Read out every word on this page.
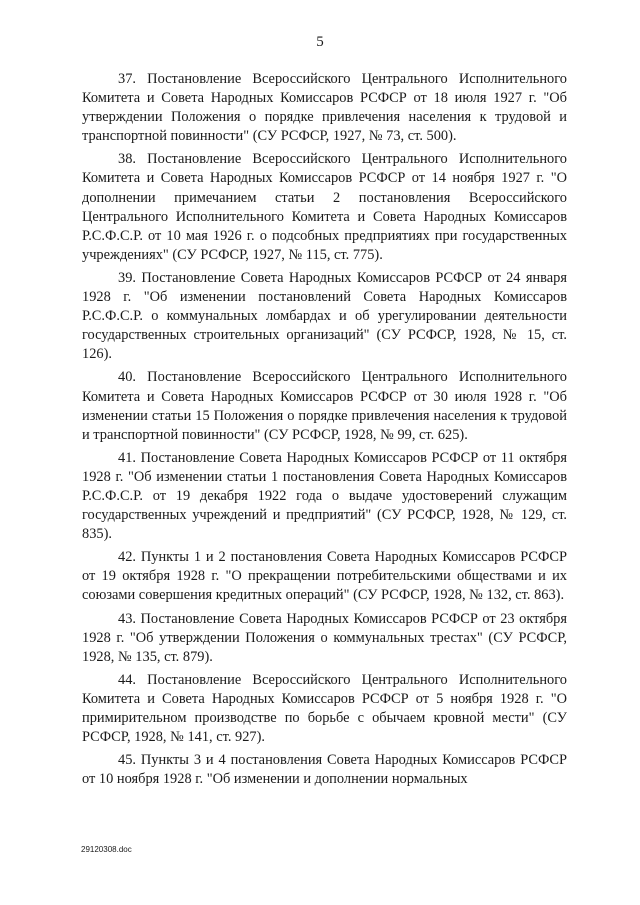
5

37. Постановление Всероссийского Центрального Исполнительного Комитета и Совета Народных Комиссаров РСФСР от 18 июля 1927 г. "Об утверждении Положения о порядке привлечения населения к трудовой и транспортной повинности" (СУ РСФСР, 1927, № 73, ст. 500).

38. Постановление Всероссийского Центрального Исполнительного Комитета и Совета Народных Комиссаров РСФСР от 14 ноября 1927 г. "О дополнении примечанием статьи 2 постановления Всероссийского Центрального Исполнительного Комитета и Совета Народных Комиссаров Р.С.Ф.С.Р. от 10 мая 1926 г. о подсобных предприятиях при государственных учреждениях" (СУ РСФСР, 1927, № 115, ст. 775).

39. Постановление Совета Народных Комиссаров РСФСР от 24 января 1928 г. "Об изменении постановлений Совета Народных Комиссаров Р.С.Ф.С.Р. о коммунальных ломбардах и об урегулировании деятельности государственных строительных организаций" (СУ РСФСР, 1928, № 15, ст. 126).

40. Постановление Всероссийского Центрального Исполнительного Комитета и Совета Народных Комиссаров РСФСР от 30 июля 1928 г. "Об изменении статьи 15 Положения о порядке привлечения населения к трудовой и транспортной повинности" (СУ РСФСР, 1928, № 99, ст. 625).

41. Постановление Совета Народных Комиссаров РСФСР от 11 октября 1928 г. "Об изменении статьи 1 постановления Совета Народных Комиссаров Р.С.Ф.С.Р. от 19 декабря 1922 года о выдаче удостоверений служащим государственных учреждений и предприятий" (СУ РСФСР, 1928, № 129, ст. 835).

42. Пункты 1 и 2 постановления Совета Народных Комиссаров РСФСР от 19 октября 1928 г. "О прекращении потребительскими обществами и их союзами совершения кредитных операций" (СУ РСФСР, 1928, № 132, ст. 863).

43. Постановление Совета Народных Комиссаров РСФСР от 23 октября 1928 г. "Об утверждении Положения о коммунальных трестах" (СУ РСФСР, 1928, № 135, ст. 879).

44. Постановление Всероссийского Центрального Исполнительного Комитета и Совета Народных Комиссаров РСФСР от 5 ноября 1928 г. "О примирительном производстве по борьбе с обычаем кровной мести" (СУ РСФСР, 1928, № 141, ст. 927).

45. Пункты 3 и 4 постановления Совета Народных Комиссаров РСФСР от 10 ноября 1928 г. "Об изменении и дополнении нормальных

29120308.doc
